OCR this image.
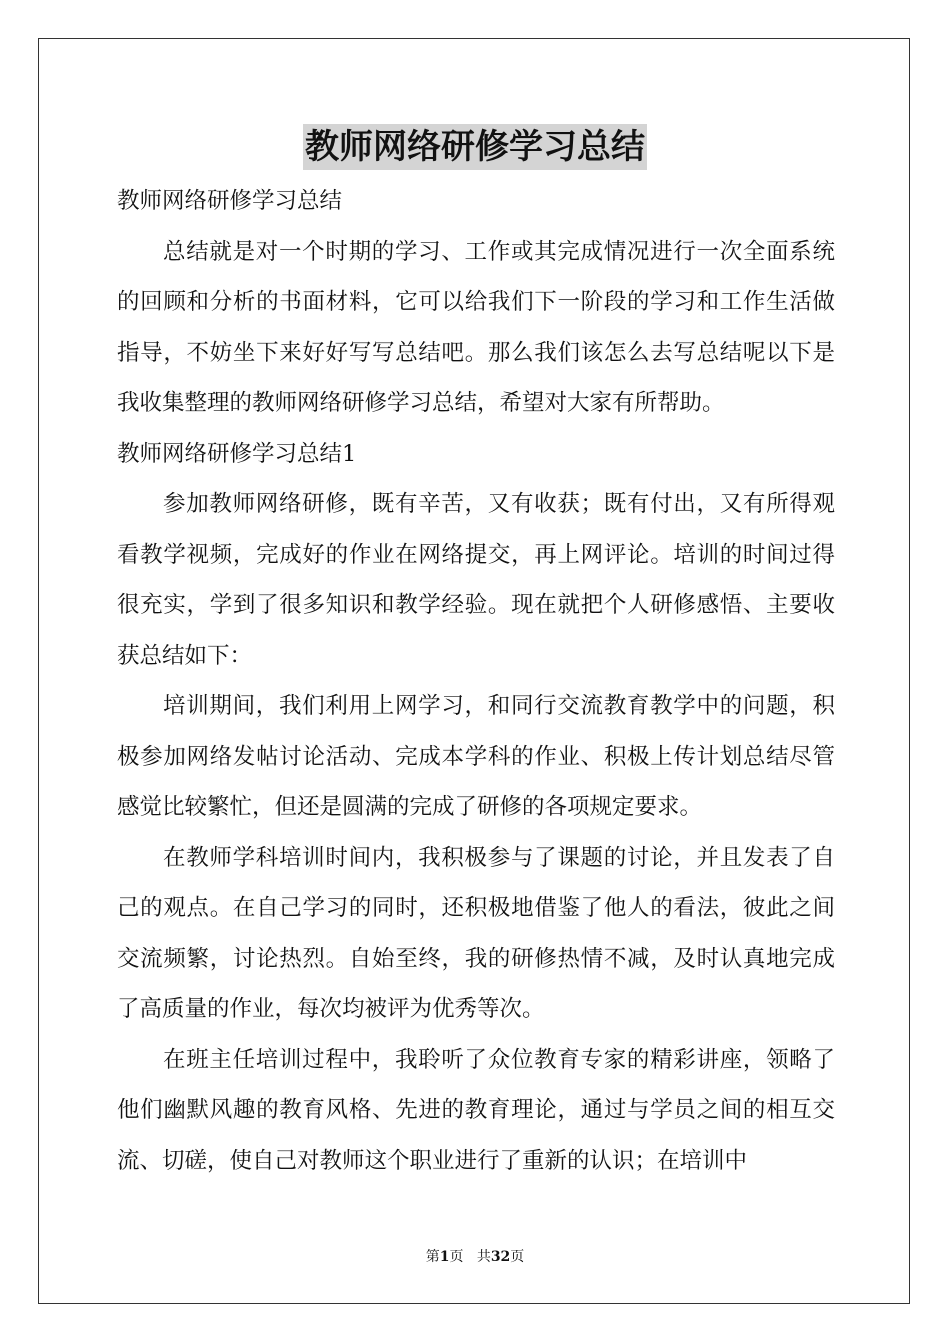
教师网络研修学习总结

教师网络研修学习总结

总结就是对一个时期的学习、工作或其完成情况进行一次全面系统的回顾和分析的书面材料，它可以给我们下一阶段的学习和工作生活做指导，不妨坐下来好好写写总结吧。那么我们该怎么去写总结呢以下是我收集整理的教师网络研修学习总结，希望对大家有所帮助。

教师网络研修学习总结1

参加教师网络研修，既有辛苦，又有收获；既有付出，又有所得观看教学视频，完成好的作业在网络提交，再上网评论。培训的时间过得很充实，学到了很多知识和教学经验。现在就把个人研修感悟、主要收获总结如下：

培训期间，我们利用上网学习，和同行交流教育教学中的问题，积极参加网络发帖讨论活动、完成本学科的作业、积极上传计划总结尽管感觉比较繁忙，但还是圆满的完成了研修的各项规定要求。

在教师学科培训时间内，我积极参与了课题的讨论，并且发表了自己的观点。在自己学习的同时，还积极地借鉴了他人的看法，彼此之间交流频繁，讨论热烈。自始至终，我的研修热情不减，及时认真地完成了高质量的作业，每次均被评为优秀等次。

在班主任培训过程中，我聆听了众位教育专家的精彩讲座，领略了他们幽默风趣的教育风格、先进的教育理论，通过与学员之间的相互交流、切磋，使自己对教师这个职业进行了重新的认识；在培训中

第1页 共32页
